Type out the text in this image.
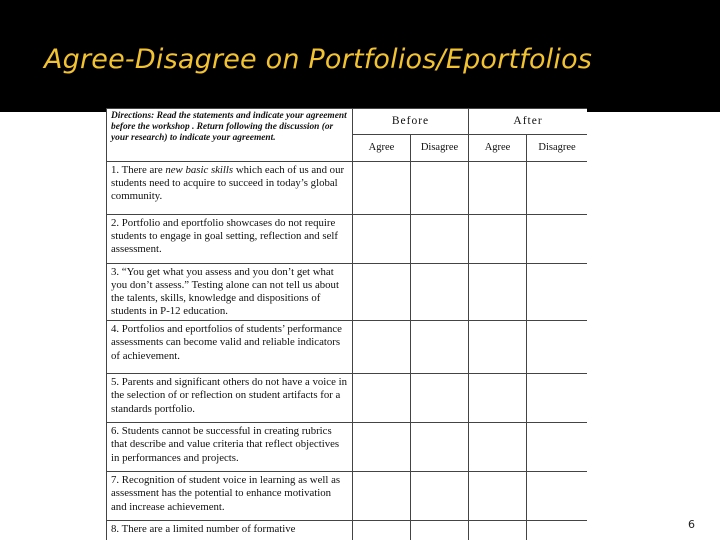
Agree-Disagree on Portfolios/Eportfolios
Directions: Read the statements and indicate your agreement before the workshop . Return following the discussion (or your research) to indicate your agreement.	Before		After	
	Agree	Disagree	Agree	Disagree
1. There are new basic skills which each of us and our students need to acquire to succeed in today’s global community.				
2. Portfolio and eportfolio showcases do not require students to engage in goal setting, reflection and self assessment.				
3. “You get what you assess and you don’t get what you don’t assess.” Testing alone can not tell us about the talents, skills, knowledge and dispositions of students in P-12 education.				
4. Portfolios and eportfolios of students’ performance assessments can become valid and reliable indicators of achievement.				
5. Parents and significant others do not have a voice in the selection of or reflection on student artifacts for a standards portfolio.				
6. Students cannot be successful in creating rubrics that describe and value criteria that reflect objectives in performances and projects.				
7. Recognition of student voice in learning as well as assessment has the potential to enhance motivation and increase achievement.				
8. There are a limited number of formative					6
